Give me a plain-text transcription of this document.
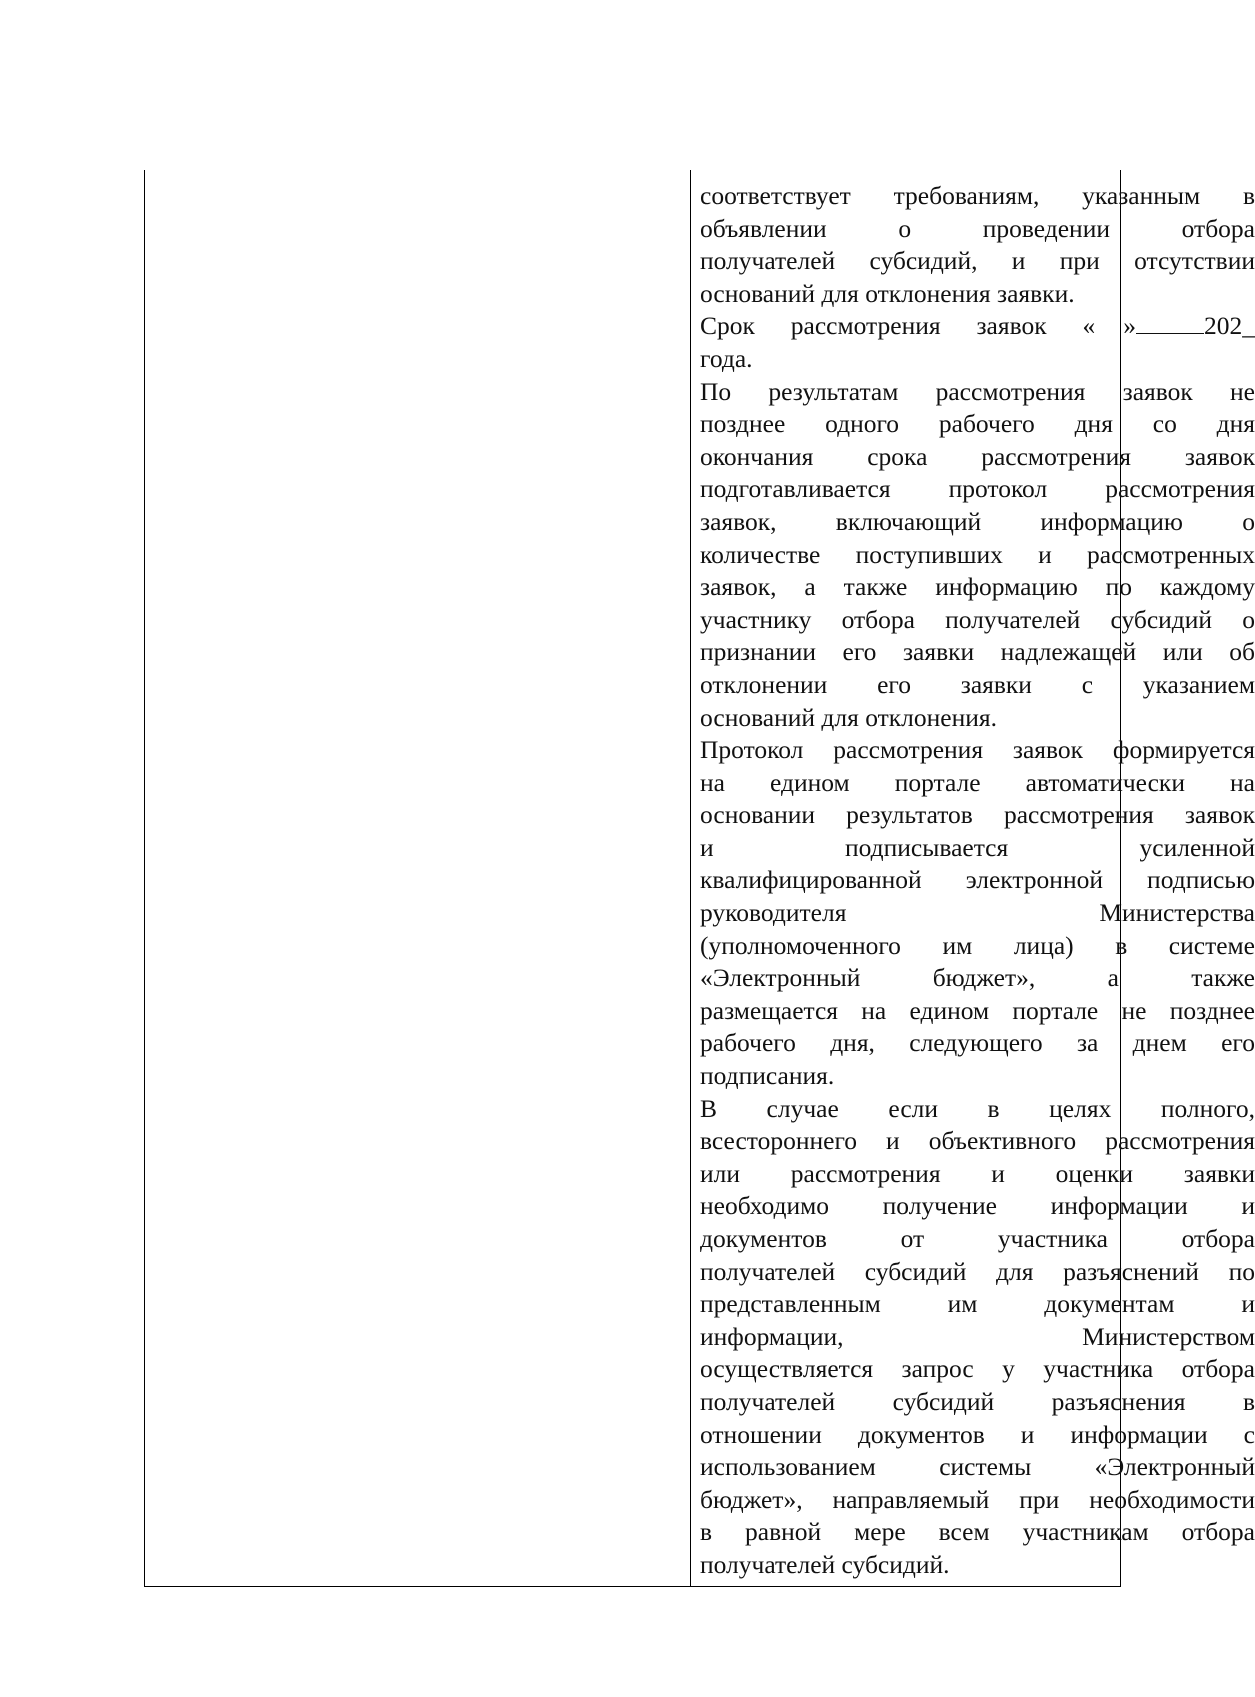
соответствует требованиям, указанным в
объявлении о проведении отбора
получателей субсидий, и при отсутствии
оснований для отклонения заявки.
Срок рассмотрения заявок « »	202_
года.
По результатам рассмотрения заявок не
позднее одного рабочего дня со дня
окончания срока рассмотрения заявок
подготавливается протокол рассмотрения
заявок, включающий информацию о
количестве поступивших и рассмотренных
заявок, а также информацию по каждому
участнику отбора получателей субсидий о
признании его заявки надлежащей или об
отклонении его заявки с указанием
оснований для отклонения.
Протокол рассмотрения заявок формируется
на едином портале автоматически на
основании результатов рассмотрения заявок
и подписывается усиленной
квалифицированной электронной подписью
руководителя Министерства
(уполномоченного им лица) в системе
«Электронный бюджет», а также
размещается на едином портале не позднее
рабочего дня, следующего за днем его
подписания.
В случае если в целях полного,
всестороннего и объективного рассмотрения
или рассмотрения и оценки заявки
необходимо получение информации и
документов от участника отбора
получателей субсидий для разъяснений по
представленным им документам и
информации, Министерством
осуществляется запрос у участника отбора
получателей субсидий разъяснения в
отношении документов и информации с
использованием системы «Электронный
бюджет», направляемый при необходимости
в равной мере всем участникам отбора
получателей субсидий.
